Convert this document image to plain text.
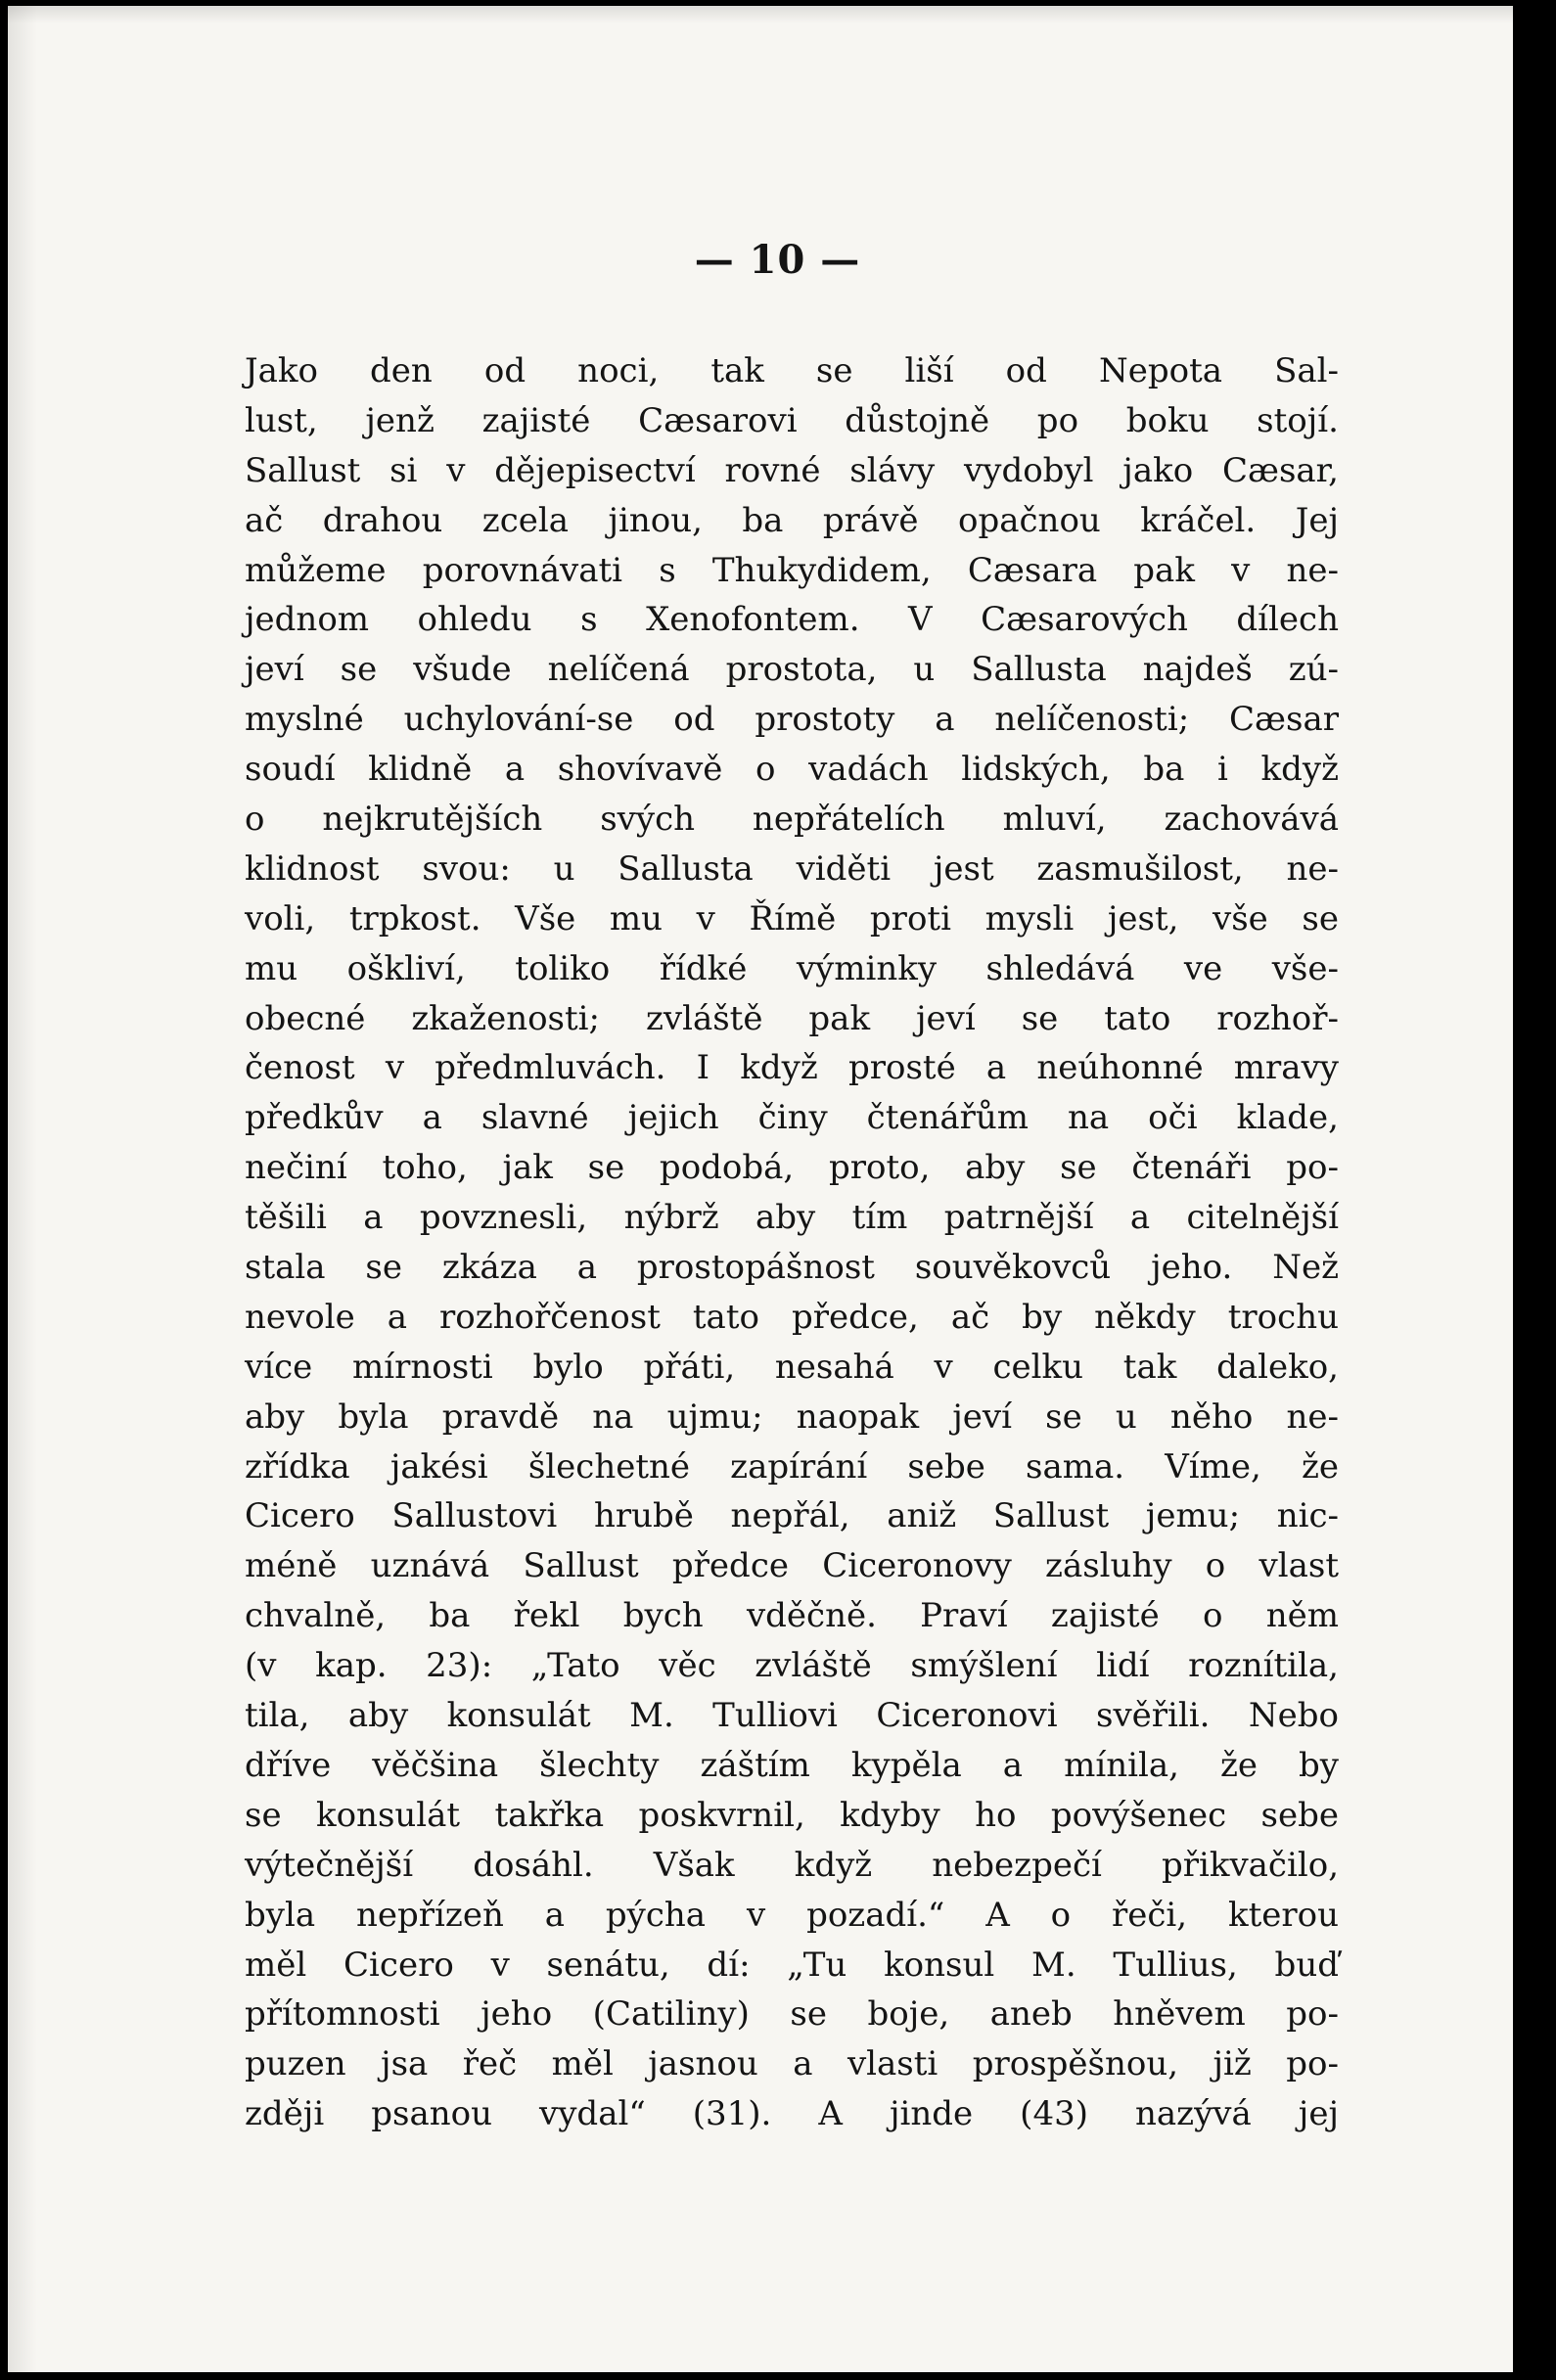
— 10 —
Jako den od noci, tak se liší od Nepota Sal-
lust, jenž zajisté Cæsarovi důstojně po boku stojí.
Sallust si v dějepisectví rovné slávy vydobyl jako Cæsar,
ač drahou zcela jinou, ba právě opačnou kráčel. Jej
můžeme porovnávati s Thukydidem, Cæsara pak v ne-
jednom ohledu s Xenofontem. V Cæsarových dílech
jeví se všude nelíčená prostota, u Sallusta najdeš zú-
myslné uchylování-se od prostoty a nelíčenosti; Cæsar
soudí klidně a shovívavě o vadách lidských, ba i když
o nejkrutějších svých nepřátelích mluví, zachovává
klidnost svou: u Sallusta viděti jest zasmušilost, ne-
voli, trpkost. Vše mu v Římě proti mysli jest, vše se
mu oškliví, toliko řídké výminky shledává ve vše-
obecné zkaženosti; zvláště pak jeví se tato rozhoř-
čenost v předmluvách. I když prosté a neúhonné mravy
předkův a slavné jejich činy čtenářům na oči klade,
nečiní toho, jak se podobá, proto, aby se čtenáři po-
těšili a povznesli, nýbrž aby tím patrnější a citelnější
stala se zkáza a prostopášnost souvěkovců jeho. Než
nevole a rozhořčenost tato předce, ač by někdy trochu
více mírnosti bylo přáti, nesahá v celku tak daleko,
aby byla pravdě na ujmu; naopak jeví se u něho ne-
zřídka jakési šlechetné zapírání sebe sama. Víme, že
Cicero Sallustovi hrubě nepřál, aniž Sallust jemu; nic-
méně uznává Sallust předce Ciceronovy zásluhy o vlast
chvalně, ba řekl bych vděčně. Praví zajisté o něm
(v kap. 23): „Tato věc zvláště smýšlení lidí roznítila,
tila, aby konsulát M. Tulliovi Ciceronovi svěřili. Nebo
dříve věčšina šlechty záštím kypěla a mínila, že by
se konsulát takřka poskvrnil, kdyby ho povýšenec sebe
výtečnější dosáhl. Však když nebezpečí přikvačilo,
byla nepřízeň a pýcha v pozadí.“ A o řeči, kterou
měl Cicero v senátu, dí: „Tu konsul M. Tullius, buď
přítomnosti jeho (Catiliny) se boje, aneb hněvem po-
puzen jsa řeč měl jasnou a vlasti prospěšnou, již po-
zději psanou vydal“ (31). A jinde (43) nazývá jej
